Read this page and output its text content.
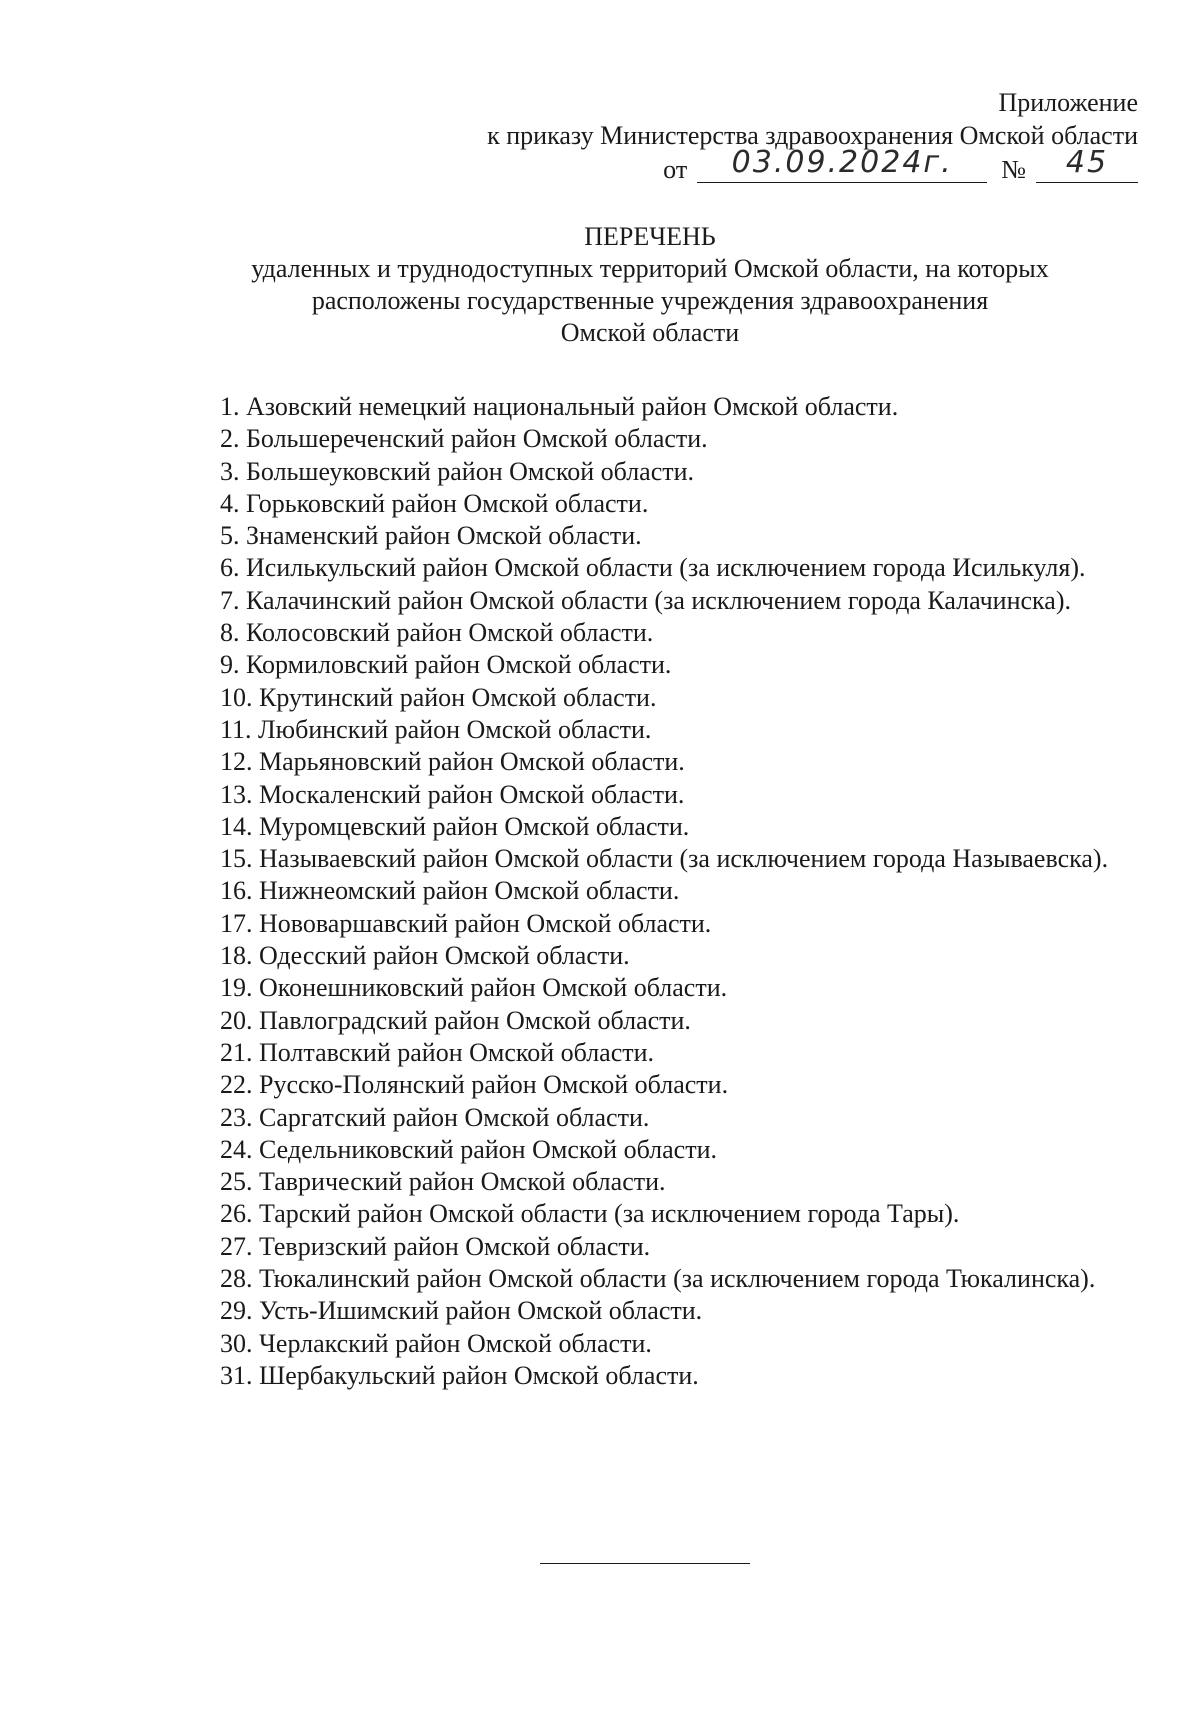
Приложение
к приказу Министерства здравоохранения Омской области
от	03.09.2024г.	№	45
ПЕРЕЧЕНЬ
удаленных и труднодоступных территорий Омской области, на которых
расположены государственные учреждения здравоохранения
Омской области

1. Азовский немецкий национальный район Омской области.

2. Большереченский район Омской области.

3. Большеуковский район Омской области.

4. Горьковский район Омской области.

5. Знаменский район Омской области.

6. Исилькульский район Омской области (за исключением города Исилькуля).

7. Калачинский район Омской области (за исключением города Калачинска).

8. Колосовский район Омской области.

9. Кормиловский район Омской области.

10. Крутинский район Омской области.

11. Любинский район Омской области.

12. Марьяновский район Омской области.

13. Москаленский район Омской области.

14. Муромцевский район Омской области.

15. Называевский район Омской области (за исключением города Называевска).

16. Нижнеомский район Омской области.

17. Нововаршавский район Омской области.

18. Одесский район Омской области.

19. Оконешниковский район Омской области.

20. Павлоградский район Омской области.

21. Полтавский район Омской области.

22. Русско-Полянский район Омской области.

23. Саргатский район Омской области.

24. Седельниковский район Омской области.

25. Таврический район Омской области.

26. Тарский район Омской области (за исключением города Тары).

27. Тевризский район Омской области.

28. Тюкалинский район Омской области (за исключением города Тюкалинска).

29. Усть-Ишимский район Омской области.

30. Черлакский район Омской области.

31. Шербакульский район Омской области.
